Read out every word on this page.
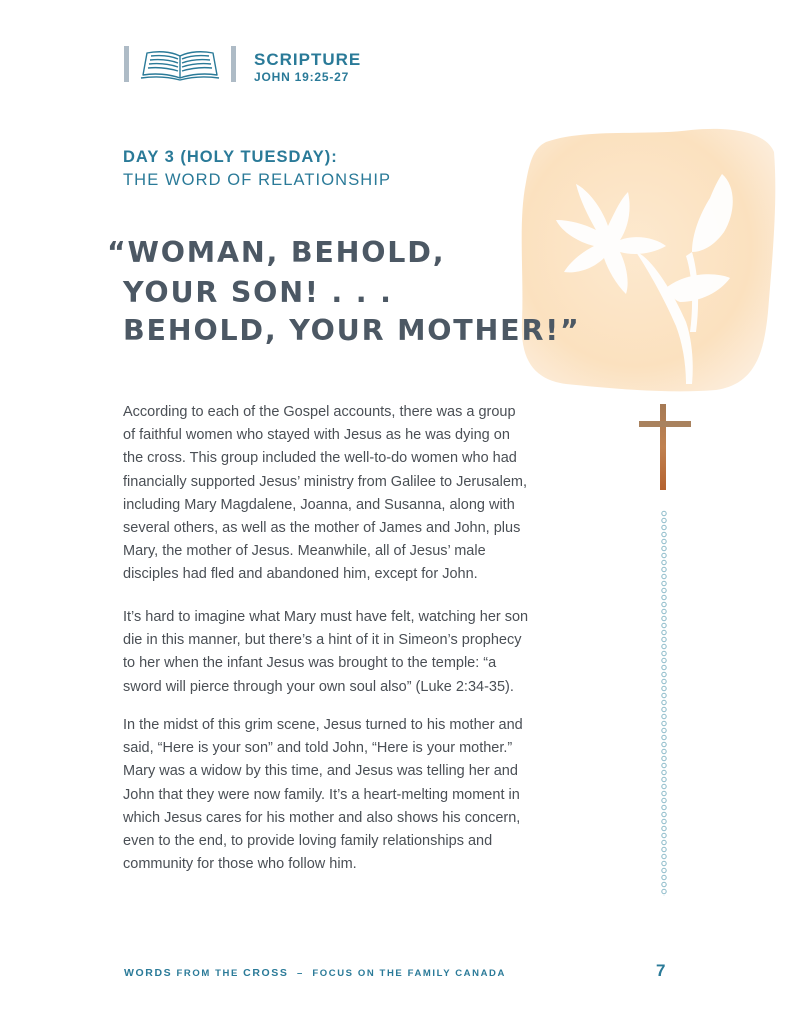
SCRIPTURE
JOHN 19:25-27
DAY 3 (HOLY TUESDAY):
THE WORD OF RELATIONSHIP
“WOMAN, BEHOLD,
YOUR SON! . . .
BEHOLD, YOUR MOTHER!”

According to each of the Gospel accounts, there was a group
of faithful women who stayed with Jesus as he was dying on
the cross. This group included the well-to-do women who had
financially supported Jesus’ ministry from Galilee to Jerusalem,
including Mary Magdalene, Joanna, and Susanna, along with
several others, as well as the mother of James and John, plus
Mary, the mother of Jesus. Meanwhile, all of Jesus’ male
disciples had fled and abandoned him, except for John.

It’s hard to imagine what Mary must have felt, watching her son
die in this manner, but there’s a hint of it in Simeon’s prophecy
to her when the infant Jesus was brought to the temple: “a
sword will pierce through your own soul also” (Luke 2:34-35).

In the midst of this grim scene, Jesus turned to his mother and
said, “Here is your son” and told John, “Here is your mother.”
Mary was a widow by this time, and Jesus was telling her and
John that they were now family. It’s a heart-melting moment in
which Jesus cares for his mother and also shows his concern,
even to the end, to provide loving family relationships and
community for those who follow him.

WORDS FROM THE CROSS – FOCUS ON THE FAMILY CANADA	7
